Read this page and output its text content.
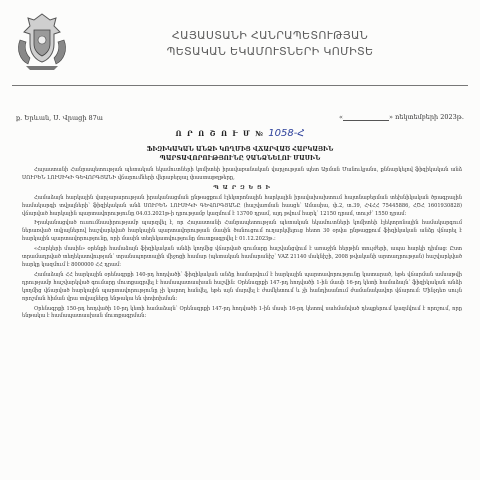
ՀԱՅԱՍՏԱՆԻ ՀԱՆՐԱՊԵՏՈՒԹՅԱՆ
ՊԵՏԱԿԱՆ ԵԿԱՄՈՒՏՆԵՐԻ ԿՈՄԻՏԵ
ք. Երևան, Ս. Վրացի 87ա	«	» ոեկտեմբերի 2023թ.
Ո Ր Ո Շ Ո Ւ Մ № 1058-Հ
ՖԻԶԻԿԱԿԱՆ ԱՆՁԻ ԿՈՂՄԻՑ ՎՃԱՐՎԱԾ ՀԱՐԿԱՅԻՆ
ՊԱՐՏԱՎՈՐՈՒԹՅՈՒՆԸ ՉԱՆՁՆԵԼՈՒ ՄԱՍԻՆ

Հայաստանի Հանրապետության պետական եկամուտների կոմիտեի իրավաբանական վարչության պետ Արման Մանուկյանս, քննարկելով ֆիզիկական անձ ՍՈՒՐԵՆ ԼՈՒՍԻԿԻ ԳԵՎՈՐԳՅԱՆԻ վճարումների վերաբերյալ փաստաթղթերը,

Պ Ա Ր Զ Ե Ց Ի

Համաձայն հարկային վարչարարության իրականացման ընթացքում էլեկտրոնային հարկային իրավախախտում հայտնաբերման տեխնիկական ծրագրային համակարգի տվյալների՝ ֆիզիկական անձ ՍՈՒՐԵՆ ԼՈՒՍԻԿԻ ԳԵՎՈՐԳՅԱՆԸ (հաշվառման հասցե՝ Ամասիա, փ.2, տ.39, ՀՎՀՀ 75445886, ՀԾՀ 1601930828) վճարված հարկային պարտավորությունը 04.03.2021թ-ի դրությամբ կազմում է 13700 դրամ, այդ թվում հարկ՝ 12150 դրամ, տույժ՝ 1550 դրամ:

Իրականացված ուսումնասիրությամբ պարզվել է, որ Հայաստանի Հանրապետության պետական եկամուտների կոմիտեի էլեկտրոնային համակարգում ներառված տվյալներով հաշվարկված հարկային պարտավորության մասին ծանուցում ուղարկվելուց հետո 30 օրվա ընթացքում ֆիզիկական անձը վճարել է հարկային պարտավորությունը, որի մասին տեղեկատվությունը մուտքագրվել է 01.12.2023թ.:

«Հարկերի մասին» օրենքի համաձայն ֆիզիկական անձի կողմից վճարված գումարը հաշվանցվում է առաջին հերթին տույժերի, ապա հարկի դիմաց: Ըստ տրամադրված տեղեկատվության՝ տրանսպորտային միջոցի համար (պետական համարանիշ՝ VAZ 21140 մակնիշի, 2008 թվականի արտադրության) հաշվարկված հարկը կազմում է 8000000 ՀՀ դրամ:

Համաձայն ՀՀ հարկային օրենսգրքի 140-րդ հոդվածի՝ ֆիզիկական անձը համարվում է հարկային պարտավորությունը կատարած, եթե վճարման ամսաթվի դրությամբ հաշվարկված գումարը մուտքագրվել է համապատասխան հաշվին: Օրենսգրքի 147-րդ հոդվածի 1-ին մասի 16-րդ կետի համաձայն՝ ֆիզիկական անձի կողմից վճարված հարկային պարտավորությունը չի կարող հանվել, եթե այն մարվել է ժամկետում և չի հանդիսանում ժամանակավոր վճարում: Մինչդեռ սույն որոշման հիման վրա տվյալները ենթակա են փոփոխման:

Օրենսգրքի 150-րդ հոդվածի 10-րդ կետի համաձայն՝ Օրենսգրքի 147-րդ հոդվածի 1-ին մասի 16-րդ կետով սահմանված դեպքերում կազմվում է որոշում, որը ենթակա է համապատասխան մուտքագրման:
